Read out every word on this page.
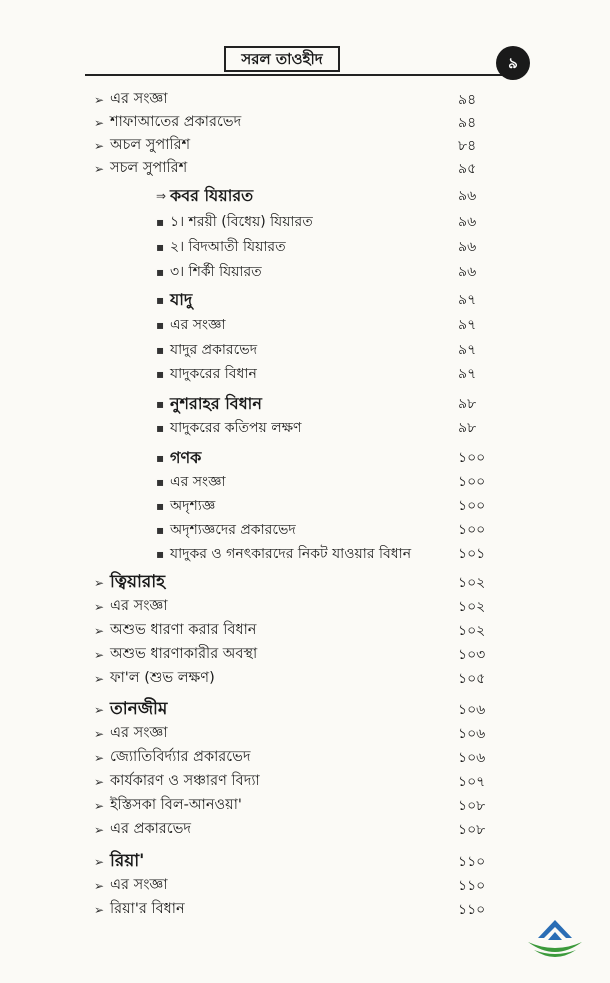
সরল তাওহীদ	৯
➢ এর সংজ্ঞা	৯৪
➢ শাফাআতের প্রকারভেদ	৯৪
➢ অচল সুপারিশ	৮৪
➢ সচল সুপারিশ	৯৫
⇒ কবর যিয়ারত	৯৬
▪ ১। শরয়ী (বিধেয়) যিয়ারত	৯৬
▪ ২। বিদআতী যিয়ারত	৯৬
▪ ৩। শির্কী যিয়ারত	৯৬
▪ যাদু	৯৭
▪ এর সংজ্ঞা	৯৭
▪ যাদুর প্রকারভেদ	৯৭
▪ যাদুকরের বিধান	৯৭
▪ নুশরাহর বিধান	৯৮
▪ যাদুকরের কতিপয় লক্ষণ	৯৮
▪ গণক	১০০
▪ এর সংজ্ঞা	১০০
▪ অদৃশ্যজ্ঞ	১০০
▪ অদৃশ্যজ্ঞদের প্রকারভেদ	১০০
▪ যাদুকর ও গনৎকারদের নিকট যাওয়ার বিধান	১০১
➢ ত্বিয়ারাহ	১০২
➢ এর সংজ্ঞা	১০২
➢ অশুভ ধারণা করার বিধান	১০২
➢ অশুভ ধারণাকারীর অবস্থা	১০৩
➢ ফা'ল (শুভ লক্ষণ)	১০৫
➢ তানজীম	১০৬
➢ এর সংজ্ঞা	১০৬
➢ জ্যোতিবির্দ্যার প্রকারভেদ	১০৬
➢ কার্যকারণ ও সঞ্চারণ বিদ্যা	১০৭
➢ ইস্তিসকা বিল-আনওয়া'	১০৮
➢ এর প্রকারভেদ	১০৮
➢ রিয়া'	১১০
➢ এর সংজ্ঞা	১১০
➢ রিয়া'র বিধান	১১০
